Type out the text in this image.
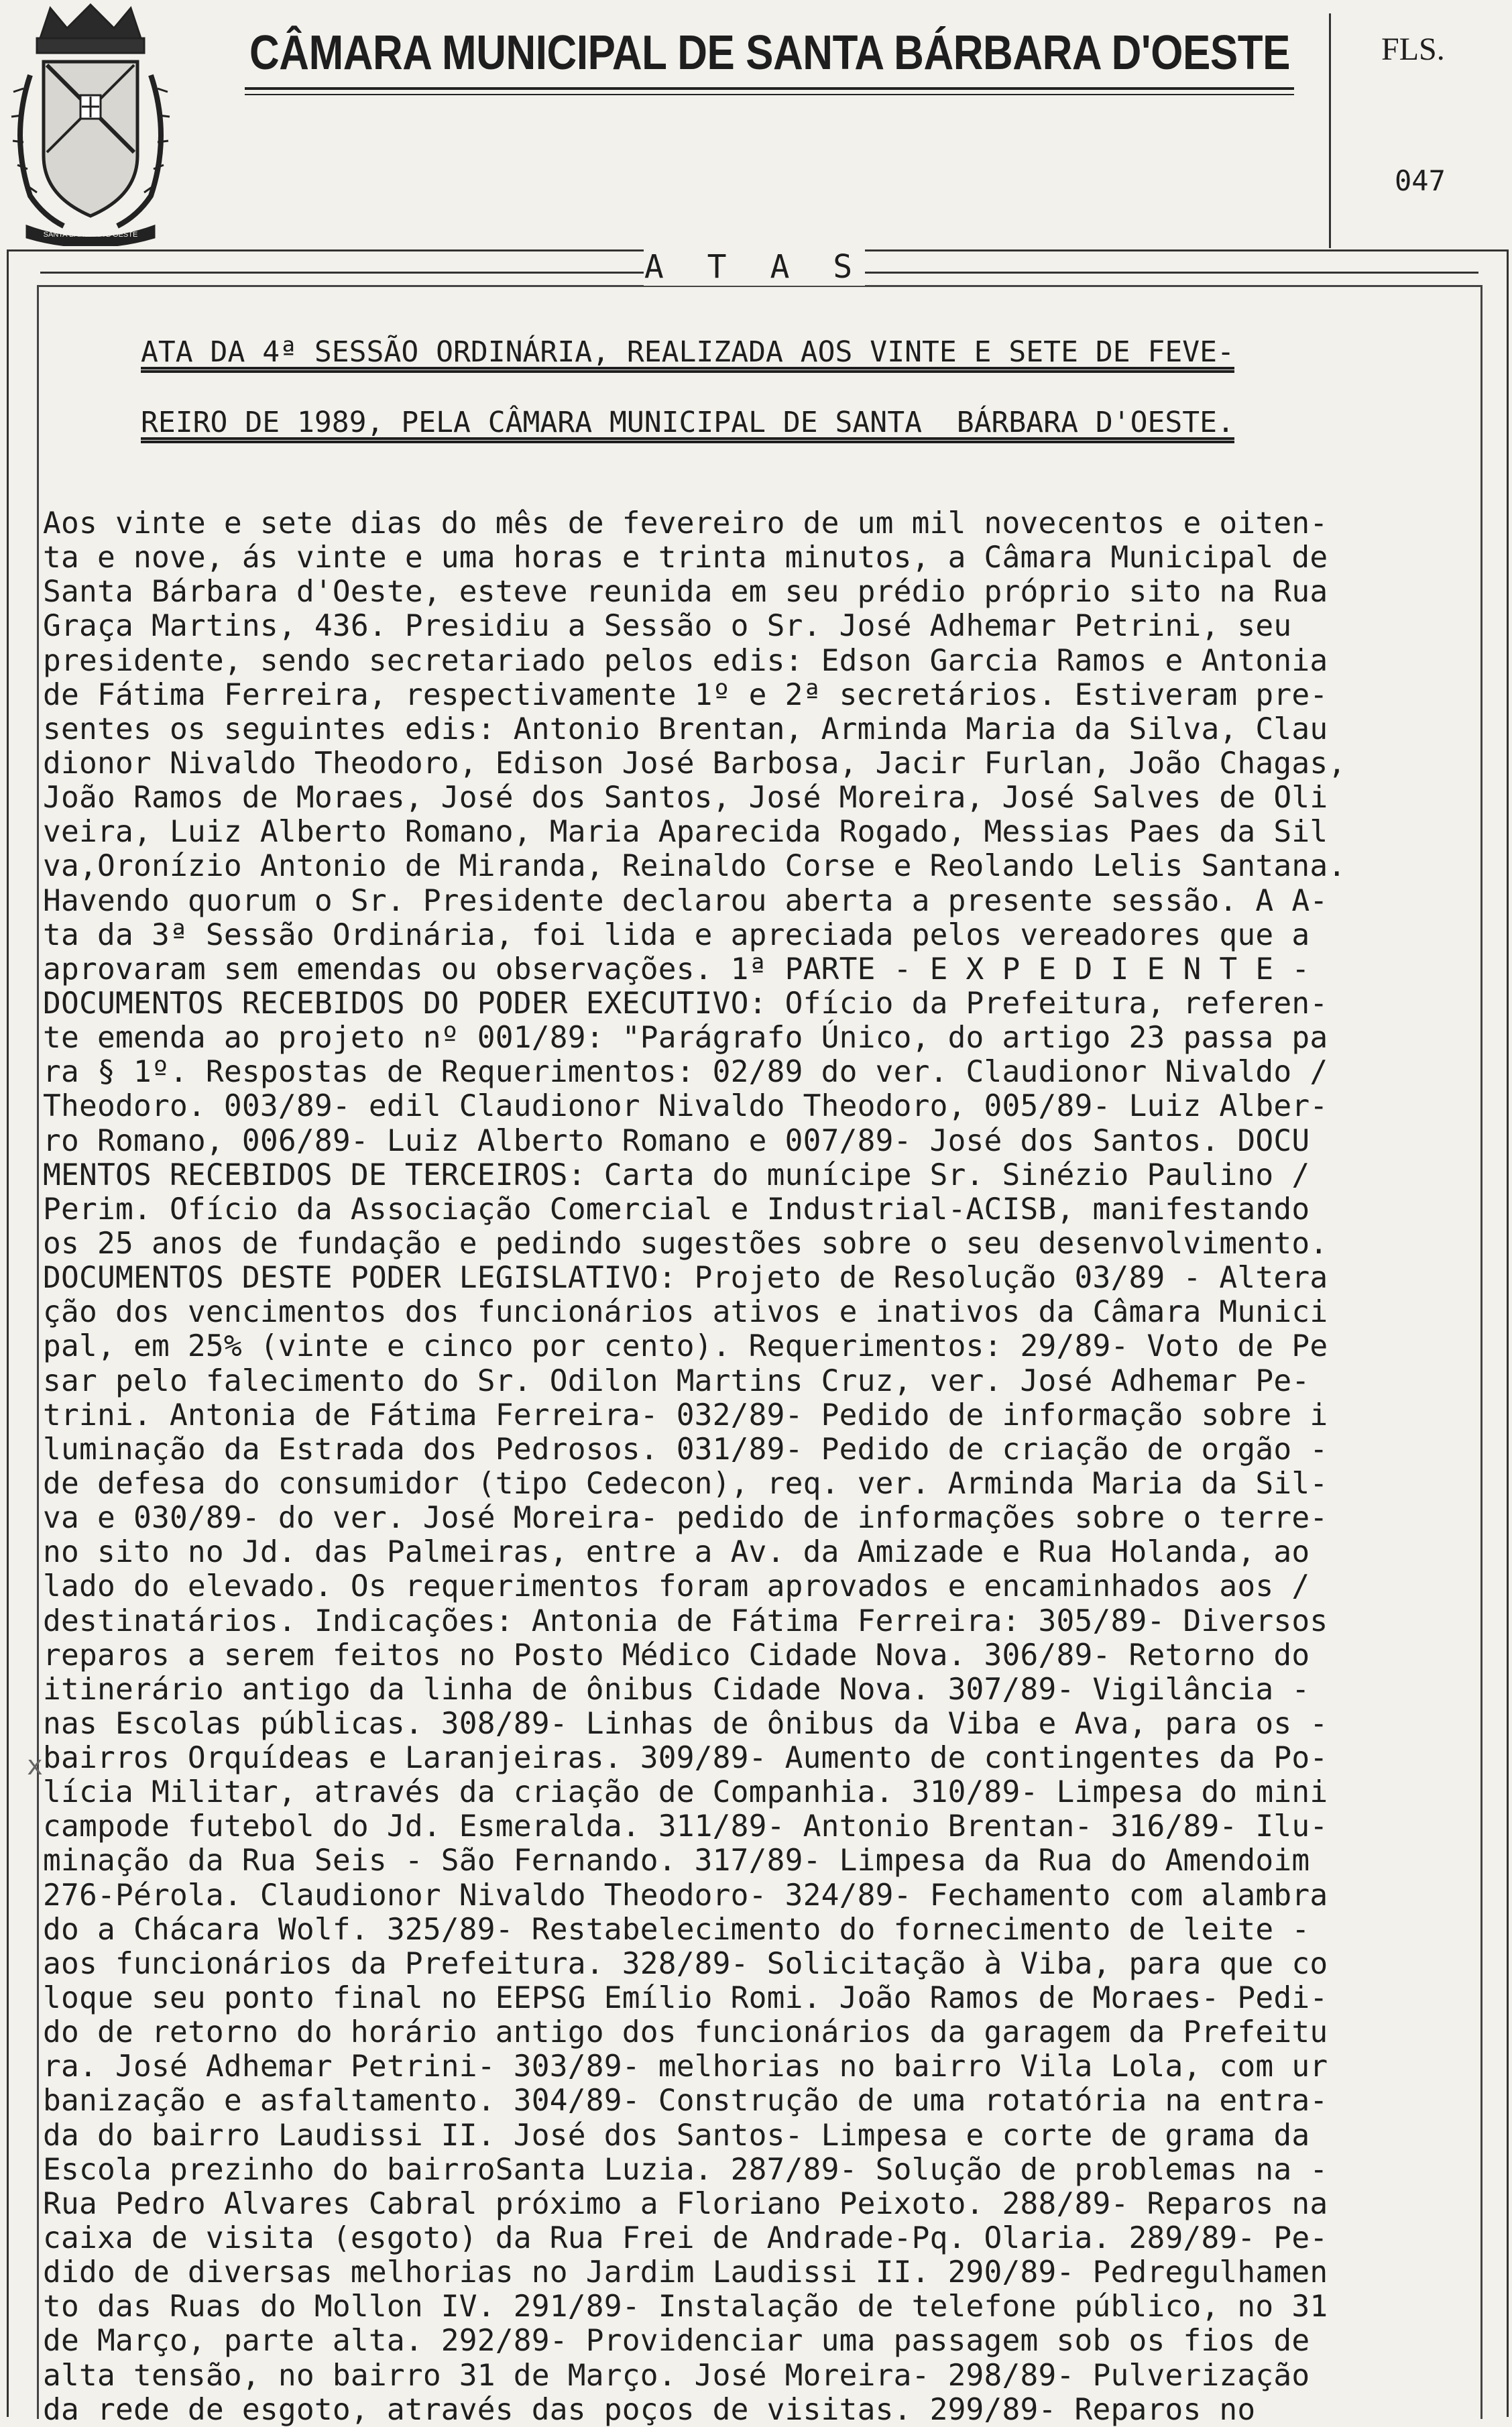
SANTA BÁRBARA D'OESTE
CÂMARA MUNICIPAL DE SANTA BÁRBARA D'OESTE	FLS.
047
A T A S
ATA DA 4ª SESSÃO ORDINÁRIA, REALIZADA AOS VINTE E SETE DE FEVE-
REIRO DE 1989, PELA CÂMARA MUNICIPAL DE SANTA  BÁRBARA D'OESTE.
Aos vinte e sete dias do mês de fevereiro de um mil novecentos e oiten-
ta e nove, ás vinte e uma horas e trinta minutos, a Câmara Municipal de
Santa Bárbara d'Oeste, esteve reunida em seu prédio próprio sito na Rua
Graça Martins, 436. Presidiu a Sessão o Sr. José Adhemar Petrini, seu
presidente, sendo secretariado pelos edis: Edson Garcia Ramos e Antonia
de Fátima Ferreira, respectivamente 1º e 2ª secretários. Estiveram pre-
sentes os seguintes edis: Antonio Brentan, Arminda Maria da Silva, Clau
dionor Nivaldo Theodoro, Edison José Barbosa, Jacir Furlan, João Chagas,
João Ramos de Moraes, José dos Santos, José Moreira, José Salves de Oli
veira, Luiz Alberto Romano, Maria Aparecida Rogado, Messias Paes da Sil
va,Oronízio Antonio de Miranda, Reinaldo Corse e Reolando Lelis Santana.
Havendo quorum o Sr. Presidente declarou aberta a presente sessão. A A-
ta da 3ª Sessão Ordinária, foi lida e apreciada pelos vereadores que a
aprovaram sem emendas ou observações. 1ª PARTE - E X P E D I E N T E -
DOCUMENTOS RECEBIDOS DO PODER EXECUTIVO: Ofício da Prefeitura, referen-
te emenda ao projeto nº 001/89: "Parágrafo Único, do artigo 23 passa pa
ra § 1º. Respostas de Requerimentos: 02/89 do ver. Claudionor Nivaldo /
Theodoro. 003/89- edil Claudionor Nivaldo Theodoro, 005/89- Luiz Alber-
ro Romano, 006/89- Luiz Alberto Romano e 007/89- José dos Santos. DOCU
MENTOS RECEBIDOS DE TERCEIROS: Carta do munícipe Sr. Sinézio Paulino /
Perim. Ofício da Associação Comercial e Industrial-ACISB, manifestando
os 25 anos de fundação e pedindo sugestões sobre o seu desenvolvimento.
DOCUMENTOS DESTE PODER LEGISLATIVO: Projeto de Resolução 03/89 - Altera
ção dos vencimentos dos funcionários ativos e inativos da Câmara Munici
pal, em 25% (vinte e cinco por cento). Requerimentos: 29/89- Voto de Pe
sar pelo falecimento do Sr. Odilon Martins Cruz, ver. José Adhemar Pe-
trini. Antonia de Fátima Ferreira- 032/89- Pedido de informação sobre i
luminação da Estrada dos Pedrosos. 031/89- Pedido de criação de orgão -
de defesa do consumidor (tipo Cedecon), req. ver. Arminda Maria da Sil-
va e 030/89- do ver. José Moreira- pedido de informações sobre o terre-
no sito no Jd. das Palmeiras, entre a Av. da Amizade e Rua Holanda, ao
lado do elevado. Os requerimentos foram aprovados e encaminhados aos /
destinatários. Indicações: Antonia de Fátima Ferreira: 305/89- Diversos
reparos a serem feitos no Posto Médico Cidade Nova. 306/89- Retorno do
itinerário antigo da linha de ônibus Cidade Nova. 307/89- Vigilância -
nas Escolas públicas. 308/89- Linhas de ônibus da Viba e Ava, para os -
bairros Orquídeas e Laranjeiras. 309/89- Aumento de contingentes da Po-
lícia Militar, através da criação de Companhia. 310/89- Limpesa do mini
campode futebol do Jd. Esmeralda. 311/89- Antonio Brentan- 316/89- Ilu-
minação da Rua Seis - São Fernando. 317/89- Limpesa da Rua do Amendoim
276-Pérola. Claudionor Nivaldo Theodoro- 324/89- Fechamento com alambra
do a Chácara Wolf. 325/89- Restabelecimento do fornecimento de leite -
aos funcionários da Prefeitura. 328/89- Solicitação à Viba, para que co
loque seu ponto final no EEPSG Emílio Romi. João Ramos de Moraes- Pedi-
do de retorno do horário antigo dos funcionários da garagem da Prefeitu
ra. José Adhemar Petrini- 303/89- melhorias no bairro Vila Lola, com ur
banização e asfaltamento. 304/89- Construção de uma rotatória na entra-
da do bairro Laudissi II. José dos Santos- Limpesa e corte de grama da
Escola prezinho do bairroSanta Luzia. 287/89- Solução de problemas na -
Rua Pedro Alvares Cabral próximo a Floriano Peixoto. 288/89- Reparos na
caixa de visita (esgoto) da Rua Frei de Andrade-Pq. Olaria. 289/89- Pe-
dido de diversas melhorias no Jardim Laudissi II. 290/89- Pedregulhamen
to das Ruas do Mollon IV. 291/89- Instalação de telefone público, no 31
de Março, parte alta. 292/89- Providenciar uma passagem sob os fios de
alta tensão, no bairro 31 de Março. José Moreira- 298/89- Pulverização
da rede de esgoto, através das poços de visitas. 299/89- Reparos no
x
